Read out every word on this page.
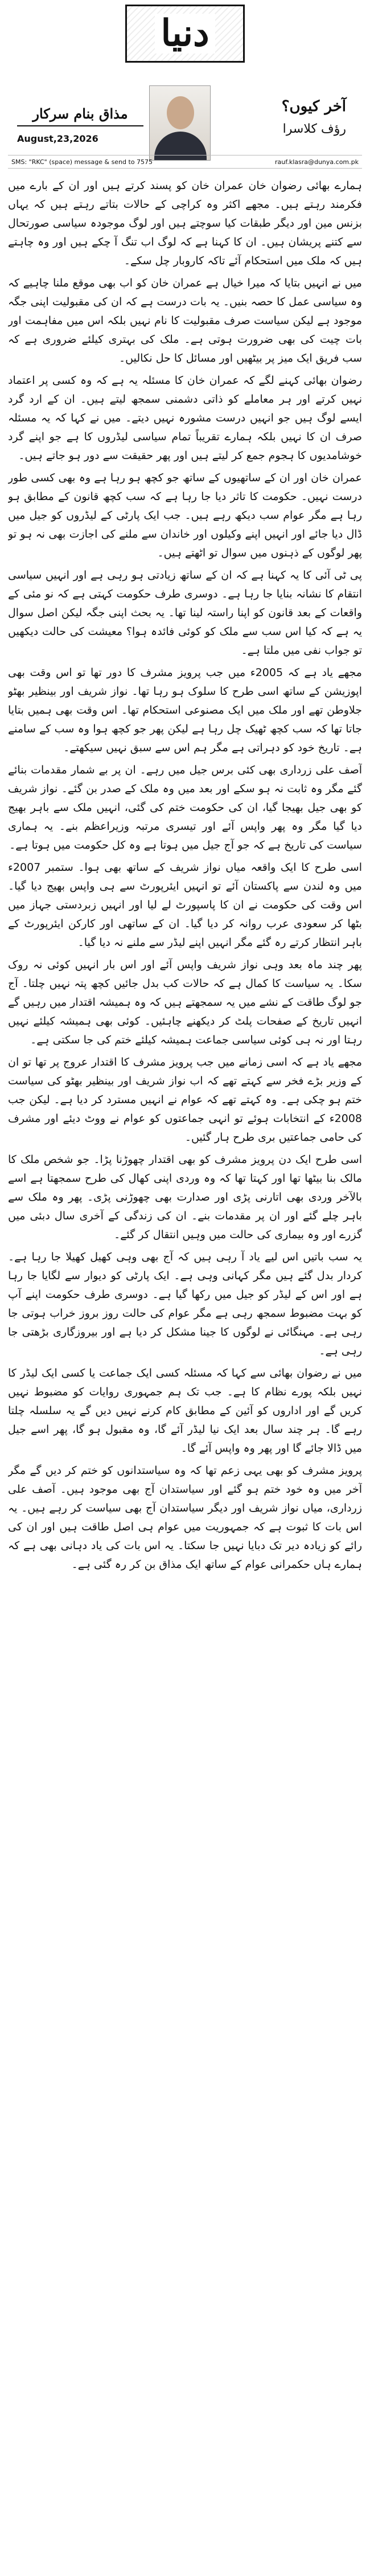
دنیا
مذاق بنام سرکار
August,23,2026
آخر کیوں؟
رؤف کلاسرا
SMS: "RKC" (space) message & send to 7575	rauf.klasra@dunya.com.pk

ہمارے بھائی رضوان خان عمران خان کو پسند کرتے ہیں اور ان کے بارے میں فکرمند رہتے ہیں۔ مجھے اکثر وہ کراچی کے حالات بتاتے رہتے ہیں کہ یہاں بزنس مین اور دیگر طبقات کیا سوچتے ہیں اور لوگ موجودہ سیاسی صورتحال سے کتنے پریشان ہیں۔ ان کا کہنا ہے کہ لوگ اب تنگ آ چکے ہیں اور وہ چاہتے ہیں کہ ملک میں استحکام آئے تاکہ کاروبار چل سکے۔

میں نے انہیں بتایا کہ میرا خیال ہے عمران خان کو اب بھی موقع ملنا چاہیے کہ وہ سیاسی عمل کا حصہ بنیں۔ یہ بات درست ہے کہ ان کی مقبولیت اپنی جگہ موجود ہے لیکن سیاست صرف مقبولیت کا نام نہیں بلکہ اس میں مفاہمت اور بات چیت کی بھی ضرورت ہوتی ہے۔ ملک کی بہتری کیلئے ضروری ہے کہ سب فریق ایک میز پر بیٹھیں اور مسائل کا حل نکالیں۔

رضوان بھائی کہنے لگے کہ عمران خان کا مسئلہ یہ ہے کہ وہ کسی پر اعتماد نہیں کرتے اور ہر معاملے کو ذاتی دشمنی سمجھ لیتے ہیں۔ ان کے ارد گرد ایسے لوگ ہیں جو انہیں درست مشورہ نہیں دیتے۔ میں نے کہا کہ یہ مسئلہ صرف ان کا نہیں بلکہ ہمارے تقریباً تمام سیاسی لیڈروں کا ہے جو اپنے گرد خوشامدیوں کا ہجوم جمع کر لیتے ہیں اور پھر حقیقت سے دور ہو جاتے ہیں۔

عمران خان اور ان کے ساتھیوں کے ساتھ جو کچھ ہو رہا ہے وہ بھی کسی طور درست نہیں۔ حکومت کا تاثر دیا جا رہا ہے کہ سب کچھ قانون کے مطابق ہو رہا ہے مگر عوام سب دیکھ رہے ہیں۔ جب ایک پارٹی کے لیڈروں کو جیل میں ڈال دیا جائے اور انہیں اپنے وکیلوں اور خاندان سے ملنے کی اجازت بھی نہ ہو تو پھر لوگوں کے ذہنوں میں سوال تو اٹھتے ہیں۔

پی ٹی آئی کا یہ کہنا ہے کہ ان کے ساتھ زیادتی ہو رہی ہے اور انہیں سیاسی انتقام کا نشانہ بنایا جا رہا ہے۔ دوسری طرف حکومت کہتی ہے کہ نو مئی کے واقعات کے بعد قانون کو اپنا راستہ لینا تھا۔ یہ بحث اپنی جگہ لیکن اصل سوال یہ ہے کہ کیا اس سب سے ملک کو کوئی فائدہ ہوا؟ معیشت کی حالت دیکھیں تو جواب نفی میں ملتا ہے۔

مجھے یاد ہے کہ 2005ء میں جب پرویز مشرف کا دور تھا تو اس وقت بھی اپوزیشن کے ساتھ اسی طرح کا سلوک ہو رہا تھا۔ نواز شریف اور بینظیر بھٹو جلاوطن تھے اور ملک میں ایک مصنوعی استحکام تھا۔ اس وقت بھی ہمیں بتایا جاتا تھا کہ سب کچھ ٹھیک چل رہا ہے لیکن پھر جو کچھ ہوا وہ سب کے سامنے ہے۔ تاریخ خود کو دہراتی ہے مگر ہم اس سے سبق نہیں سیکھتے۔

آصف علی زرداری بھی کئی برس جیل میں رہے۔ ان پر بے شمار مقدمات بنائے گئے مگر وہ ثابت نہ ہو سکے اور بعد میں وہ ملک کے صدر بن گئے۔ نواز شریف کو بھی جیل بھیجا گیا، ان کی حکومت ختم کی گئی، انہیں ملک سے باہر بھیج دیا گیا مگر وہ پھر واپس آئے اور تیسری مرتبہ وزیراعظم بنے۔ یہ ہماری سیاست کی تاریخ ہے کہ جو آج جیل میں ہوتا ہے وہ کل حکومت میں ہوتا ہے۔

اسی طرح کا ایک واقعہ میاں نواز شریف کے ساتھ بھی ہوا۔ ستمبر 2007ء میں وہ لندن سے پاکستان آئے تو انہیں ایئرپورٹ سے ہی واپس بھیج دیا گیا۔ اس وقت کی حکومت نے ان کا پاسپورٹ لے لیا اور انہیں زبردستی جہاز میں بٹھا کر سعودی عرب روانہ کر دیا گیا۔ ان کے ساتھی اور کارکن ایئرپورٹ کے باہر انتظار کرتے رہ گئے مگر انہیں اپنے لیڈر سے ملنے نہ دیا گیا۔

پھر چند ماہ بعد وہی نواز شریف واپس آئے اور اس بار انہیں کوئی نہ روک سکا۔ یہ سیاست کا کمال ہے کہ حالات کب بدل جائیں کچھ پتہ نہیں چلتا۔ آج جو لوگ طاقت کے نشے میں یہ سمجھتے ہیں کہ وہ ہمیشہ اقتدار میں رہیں گے انہیں تاریخ کے صفحات پلٹ کر دیکھنے چاہئیں۔ کوئی بھی ہمیشہ کیلئے نہیں رہتا اور نہ ہی کوئی سیاسی جماعت ہمیشہ کیلئے ختم کی جا سکتی ہے۔

مجھے یاد ہے کہ اسی زمانے میں جب پرویز مشرف کا اقتدار عروج پر تھا تو ان کے وزیر بڑے فخر سے کہتے تھے کہ اب نواز شریف اور بینظیر بھٹو کی سیاست ختم ہو چکی ہے۔ وہ کہتے تھے کہ عوام نے انہیں مسترد کر دیا ہے۔ لیکن جب 2008ء کے انتخابات ہوئے تو انہی جماعتوں کو عوام نے ووٹ دیئے اور مشرف کی حامی جماعتیں بری طرح ہار گئیں۔

اسی طرح ایک دن پرویز مشرف کو بھی اقتدار چھوڑنا پڑا۔ جو شخص ملک کا مالک بنا بیٹھا تھا اور کہتا تھا کہ وہ وردی اپنی کھال کی طرح سمجھتا ہے اسے بالآخر وردی بھی اتارنی پڑی اور صدارت بھی چھوڑنی پڑی۔ پھر وہ ملک سے باہر چلے گئے اور ان پر مقدمات بنے۔ ان کی زندگی کے آخری سال دبئی میں گزرے اور وہ بیماری کی حالت میں وہیں انتقال کر گئے۔

یہ سب باتیں اس لیے یاد آ رہی ہیں کہ آج بھی وہی کھیل کھیلا جا رہا ہے۔ کردار بدل گئے ہیں مگر کہانی وہی ہے۔ ایک پارٹی کو دیوار سے لگایا جا رہا ہے اور اس کے لیڈر کو جیل میں رکھا گیا ہے۔ دوسری طرف حکومت اپنے آپ کو بہت مضبوط سمجھ رہی ہے مگر عوام کی حالت روز بروز خراب ہوتی جا رہی ہے۔ مہنگائی نے لوگوں کا جینا مشکل کر دیا ہے اور بیروزگاری بڑھتی جا رہی ہے۔

میں نے رضوان بھائی سے کہا کہ مسئلہ کسی ایک جماعت یا کسی ایک لیڈر کا نہیں بلکہ پورے نظام کا ہے۔ جب تک ہم جمہوری روایات کو مضبوط نہیں کریں گے اور اداروں کو آئین کے مطابق کام کرنے نہیں دیں گے یہ سلسلہ چلتا رہے گا۔ ہر چند سال بعد ایک نیا لیڈر آئے گا، وہ مقبول ہو گا، پھر اسے جیل میں ڈالا جائے گا اور پھر وہ واپس آئے گا۔

پرویز مشرف کو بھی یہی زعم تھا کہ وہ سیاستدانوں کو ختم کر دیں گے مگر آخر میں وہ خود ختم ہو گئے اور سیاستدان آج بھی موجود ہیں۔ آصف علی زرداری، میاں نواز شریف اور دیگر سیاستدان آج بھی سیاست کر رہے ہیں۔ یہ اس بات کا ثبوت ہے کہ جمہوریت میں عوام ہی اصل طاقت ہیں اور ان کی رائے کو زیادہ دیر تک دبایا نہیں جا سکتا۔ یہ اس بات کی یاد دہانی بھی ہے کہ ہمارے ہاں حکمرانی عوام کے ساتھ ایک مذاق بن کر رہ گئی ہے۔
